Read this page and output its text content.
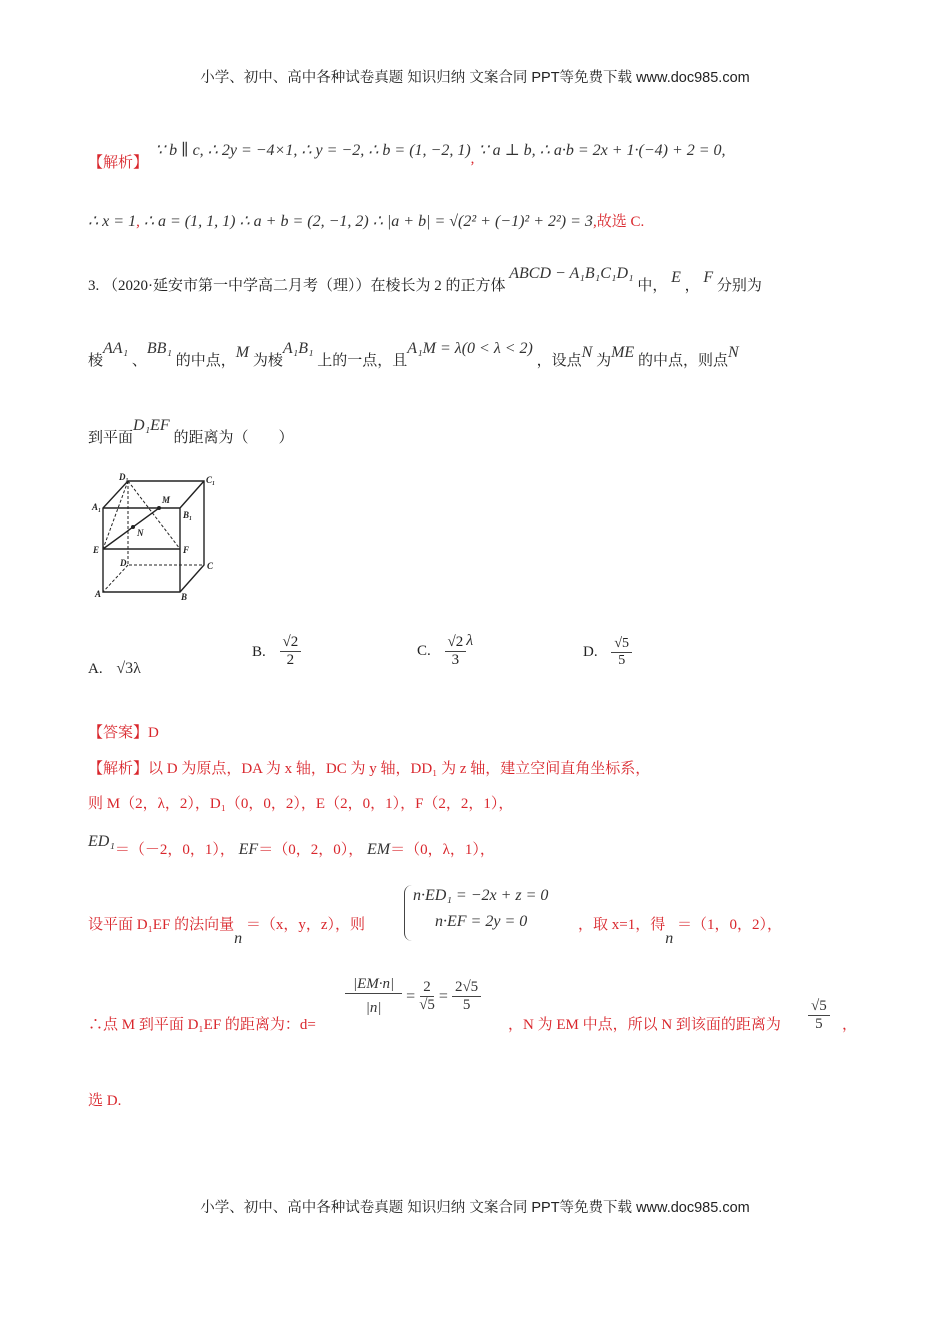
小学、初中、高中各种试卷真题 知识归纳 文案合同 PPT等免费下载 www.doc985.com
【解析】
∵ b ∥ c, ∴ 2y = −4×1, ∴ y = −2, ∴ b = (1, −2, 1), ∵ a ⊥ b, ∴ a·b = 2x + 1·(−4) + 2 = 0,
∴ x = 1, ∴ a = (1, 1, 1) ∴ a + b = (2, −1, 2) ∴ |a + b| = √(2² + (−1)² + 2²) = 3,故选 C.
3. （2020·延安市第一中学高二月考（理））在棱长为 2 的正方体 ABCD − A₁B₁C₁D₁ 中， E ， F 分别为
棱AA₁ 、BB₁ 的中点，M 为棱A₁B₁ 上的一点，且A₁M = λ(0 < λ < 2) ，设点N 为ME 的中点，则点N
到平面D₁EF 的距离为（　　）
D₁	C₁
A₁
B₁
M
N
E	F
D	C
A	B
A. √3λ
B. $\frac{√2}{2}$	C. $\frac{√2}{3}$ λ
D. $\frac{√5}{5}$
【答案】D
【解析】以 D 为原点，DA 为 x 轴，DC 为 y 轴，DD₁ 为 z 轴，建立空间直角坐标系，
则 M（2，λ，2），D₁（0，0，2），E（2，0，1），F（2，2，1），
ED₁＝（－2，0，1）， EF＝（0，2，0）， EM＝（0，λ，1），
设平面 D₁EF 的法向量n ＝（x，y，z），则
n·ED₁ = −2x + z = 0
n·EF = 2y = 0	，取 x=1，得n ＝（1，0，2），
∴点 M 到平面 D₁EF 的距离为：d=
$\frac{|EM\cdot n|}{|n|} = \frac{2}{√5} = \frac{2√5}{5}$
，N 为 EM 中点，所以 N 到该面的距离为 $\frac{√5}{5}$ ，
选 D.
小学、初中、高中各种试卷真题 知识归纳 文案合同 PPT等免费下载 www.doc985.com
